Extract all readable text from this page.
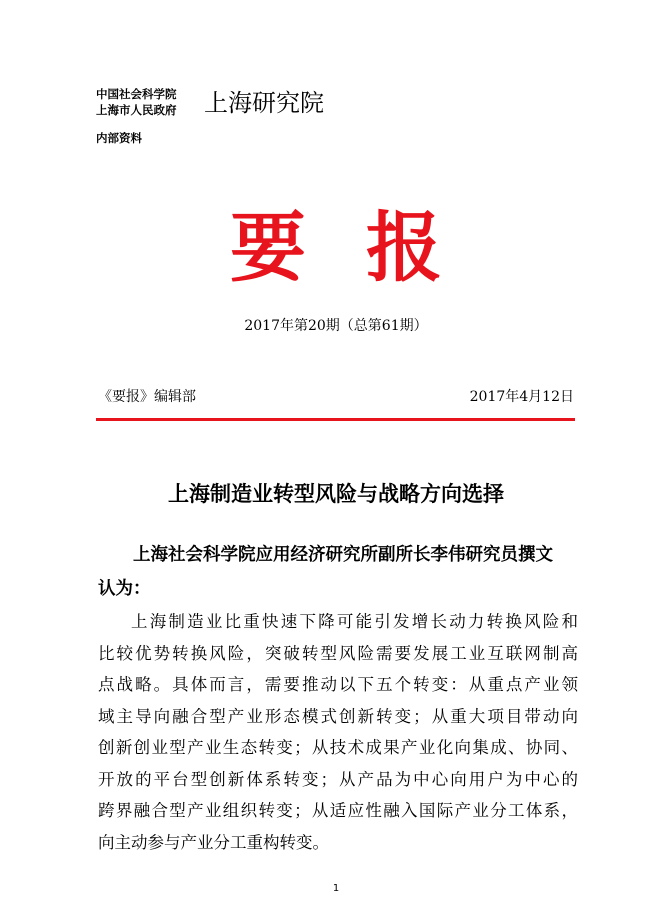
中国社会科学院
上海市人民政府	上海研究院
内部资料
要报
2017年第20期（总第61期）
《要报》编辑部	2017年4月12日
上海制造业转型风险与战略方向选择
上海社会科学院应用经济研究所副所长李伟研究员撰文
认为：
上海制造业比重快速下降可能引发增长动力转换风险和
比较优势转换风险，突破转型风险需要发展工业互联网制高
点战略。具体而言，需要推动以下五个转变：从重点产业领
域主导向融合型产业形态模式创新转变；从重大项目带动向
创新创业型产业生态转变；从技术成果产业化向集成、协同、
开放的平台型创新体系转变；从产品为中心向用户为中心的
跨界融合型产业组织转变；从适应性融入国际产业分工体系，
向主动参与产业分工重构转变。
1
